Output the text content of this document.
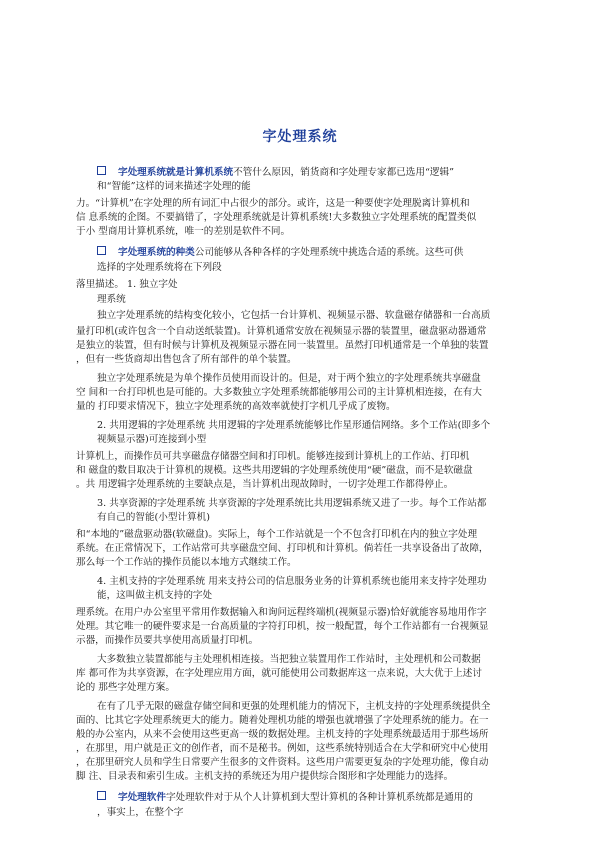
字处理系统

字处理系统就是计算机系统不管什么原因，销货商和字处理专家都已选用“逻辑”

和“智能”这样的词来描述字处理的能

力。“计算机”在字处理的所有词汇中占很少的部分。或许，这是一种要使字处理脱离计算机和

信 息系统的企图。不要搞错了，字处理系统就是计算机系统!大多数独立字处理系统的配置类似

于小 型商用计算机系统，唯一的差别是软件不同。

字处理系统的种类公司能够从各种各样的字处理系统中挑选合适的系统。这些可供

选择的字处理系统将在下列段

落里描述。 1. 独立字处

理系统

独立字处理系统的结构变化较小，它包括一台计算机、视频显示器、软盘磁存储器和一台高质

量打印机(或许包含一个自动送纸装置)。计算机通常安放在视频显示器的装置里，磁盘驱动器通常

是独立的装置，但有时候与计算机及视频显示器在同一装置里。虽然打印机通常是一个单独的装置

，但有一些货商却出售包含了所有部件的单个装置。

独立字处理系统是为单个操作员使用而设计的。但是，对于两个独立的字处理系统共享磁盘

空 间和一台打印机也是可能的。大多数独立字处理系统都能够用公司的主计算机相连接，在有大

量的 打印要求情况下，独立字处理系统的高效率就使打字机几乎成了废物。

2. 共用逻辑的字处理系统 共用逻辑的字处理系统能够比作星形通信网络。多个工作站(即多个

视频显示器)可连接到小型

计算机上，而操作员可共享磁盘存储器空间和打印机。能够连接到计算机上的工作站、打印机

和 磁盘的数目取决于计算机的规模。这些共用逻辑的字处理系统使用“硬”磁盘，而不是软磁盘

。共 用逻辑字处理系统的主要缺点是，当计算机出现故障时，一切字处理工作都得停止。

3. 共享资源的字处理系统 共享资源的字处理系统比共用逻辑系统又进了一步。每个工作站都

有自己的智能(小型计算机)

和“本地的”磁盘驱动器(软磁盘)。实际上，每个工作站就是一个不包含打印机在内的独立字处理

系统。在正常情况下，工作站常可共享磁盘空间、打印机和计算机。倘若任一共享设备出了故障，

那么每一个工作站的操作员能以本地方式继续工作。

4. 主机支持的字处理系统 用来支持公司的信息服务业务的计算机系统也能用来支持字处理功

能，这叫做主机支持的字处

理系统。在用户办公室里平常用作数据输入和询问远程终端机(视频显示器)恰好就能容易地用作字

处理。其它唯一的硬件要求是一台高质量的字符打印机，按一般配置，每个工作站都有一台视频显

示器，而操作员要共享使用高质量打印机。

大多数独立装置都能与主处理机相连接。当把独立装置用作工作站时，主处理机和公司数据

库 都可作为共享资源，在字处理应用方面，就可能使用公司数据库这一点来说，大大优于上述讨

论的 那些字处理方案。

在有了几乎无限的磁盘存储空间和更强的处理机能力的情况下，主机支持的字处理系统提供全

面的、比其它字处理系统更大的能力。随着处理机功能的增强也就增强了字处理系统的能力。在一

般的办公室内，从来不会使用这些更高一级的数据处理。主机支持的字处理系统最适用于那些场所

，在那里，用户就是正文的创作者，而不是秘书。例如，这些系统特别适合在大学和研究中心使用

，在那里研究人员和学生日常要产生很多的文件资料。这些用户需要更复杂的字处理功能，像自动

脚 注、目录表和索引生成。主机支持的系统还为用户提供综合图形和字处理能力的选择。

字处理软件字处理软件对于从个人计算机到大型计算机的各种计算机系统都是通用的

，事实上，在整个字
